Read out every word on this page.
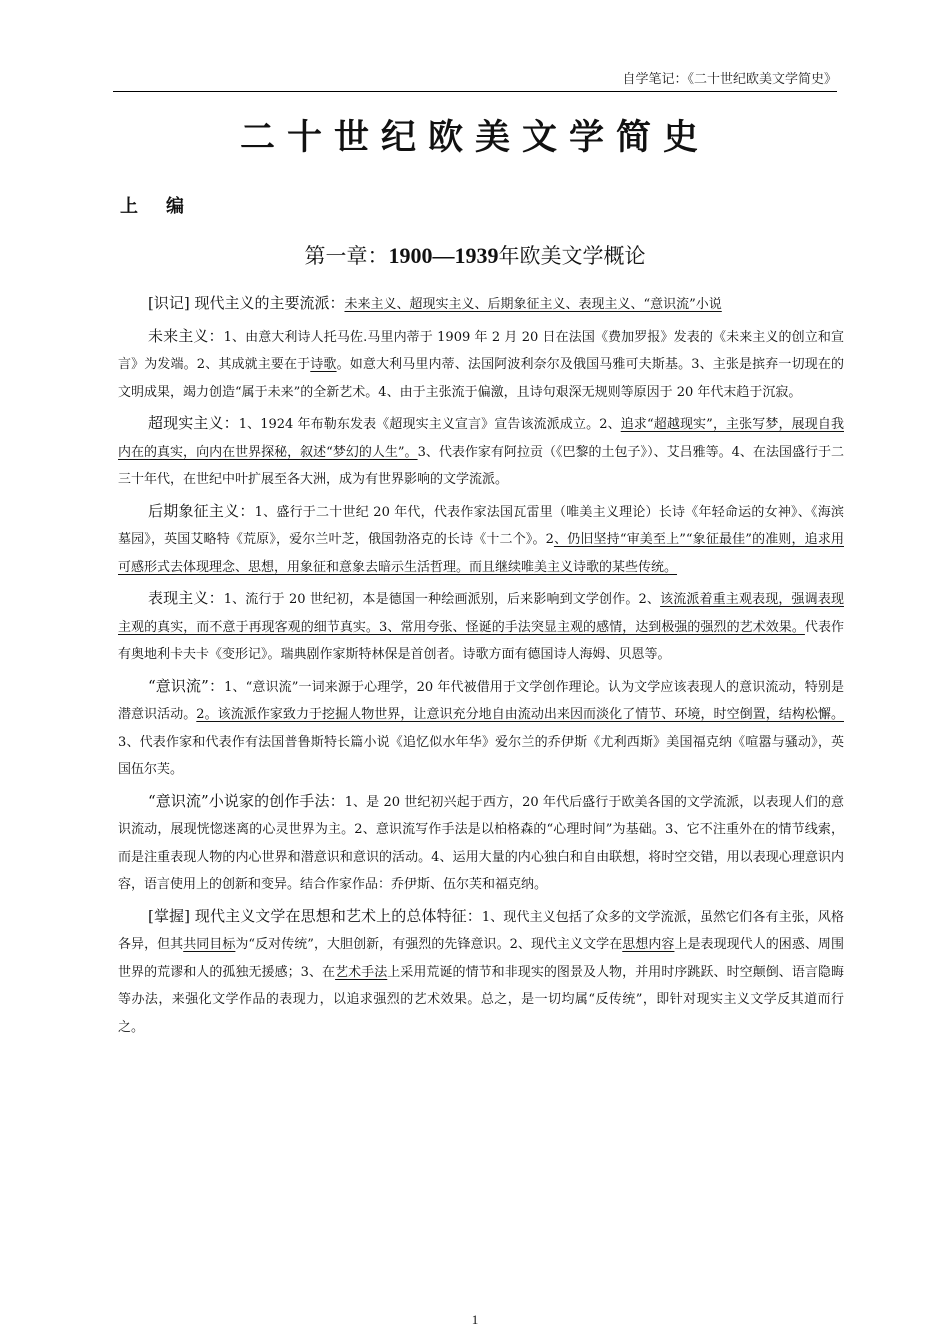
自学笔记：《二十世纪欧美文学简史》
二十世纪欧美文学简史
上 编
第一章：1900—1939年欧美文学概论

[识记] 现代主义的主要流派：未来主义、超现实主义、后期象征主义、表现主义、“意识流”小说

未来主义：1、由意大利诗人托马佐.马里内蒂于 1909 年 2 月 20 日在法国《费加罗报》发表的《未来主义的创立和宣言》为发端。2、其成就主要在于诗歌。如意大利马里内蒂、法国阿波利奈尔及俄国马雅可夫斯基。3、主张是摈弃一切现在的文明成果，竭力创造“属于未来”的全新艺术。4、由于主张流于偏激，且诗句艰深无规则等原因于 20 年代末趋于沉寂。

超现实主义：1、1924 年布勒东发表《超现实主义宣言》宣告该流派成立。2、追求“超越现实”，主张写梦，展现自我内在的真实，向内在世界探秘，叙述“梦幻的人生”。3、代表作家有阿拉贡（《巴黎的土包子》）、艾吕雅等。4、在法国盛行于二三十年代，在世纪中叶扩展至各大洲，成为有世界影响的文学流派。

后期象征主义：1、盛行于二十世纪 20 年代，代表作家法国瓦雷里（唯美主义理论）长诗《年轻命运的女神》、《海滨墓园》，英国艾略特《荒原》，爱尔兰叶芝，俄国勃洛克的长诗《十二个》。2、仍旧坚持“审美至上”“象征最佳”的准则，追求用可感形式去体现理念、思想，用象征和意象去暗示生活哲理。而且继续唯美主义诗歌的某些传统。

表现主义：1、流行于 20 世纪初，本是德国一种绘画派别，后来影响到文学创作。2、该流派着重主观表现，强调表现主观的真实，而不意于再现客观的细节真实。3、常用夸张、怪诞的手法突显主观的感情，达到极强的强烈的艺术效果。代表作有奥地利卡夫卡《变形记》。瑞典剧作家斯特林保是首创者。诗歌方面有德国诗人海姆、贝恩等。

“意识流”：1、“意识流”一词来源于心理学，20 年代被借用于文学创作理论。认为文学应该表现人的意识流动，特别是潜意识活动。2。该流派作家致力于挖掘人物世界，让意识充分地自由流动出来因而淡化了情节、环境，时空倒置，结构松懈。3、代表作家和代表作有法国普鲁斯特长篇小说《追忆似水年华》爱尔兰的乔伊斯《尤利西斯》美国福克纳《喧嚣与骚动》，英国伍尔芙。

“意识流”小说家的创作手法：1、是 20 世纪初兴起于西方，20 年代后盛行于欧美各国的文学流派，以表现人们的意识流动，展现恍惚迷离的心灵世界为主。2、意识流写作手法是以柏格森的“心理时间”为基础。3、它不注重外在的情节线索，而是注重表现人物的内心世界和潜意识和意识的活动。4、运用大量的内心独白和自由联想，将时空交错，用以表现心理意识内容，语言使用上的创新和变异。结合作家作品：乔伊斯、伍尔芙和福克纳。

[掌握] 现代主义文学在思想和艺术上的总体特征：1、现代主义包括了众多的文学流派，虽然它们各有主张，风格各异，但其共同目标为“反对传统”，大胆创新，有强烈的先锋意识。2、现代主义文学在思想内容上是表现现代人的困惑、周围世界的荒谬和人的孤独无援感；3、在艺术手法上采用荒诞的情节和非现实的图景及人物，并用时序跳跃、时空颠倒、语言隐晦等办法，来强化文学作品的表现力，以追求强烈的艺术效果。总之，是一切均属“反传统”，即针对现实主义文学反其道而行之。

1
